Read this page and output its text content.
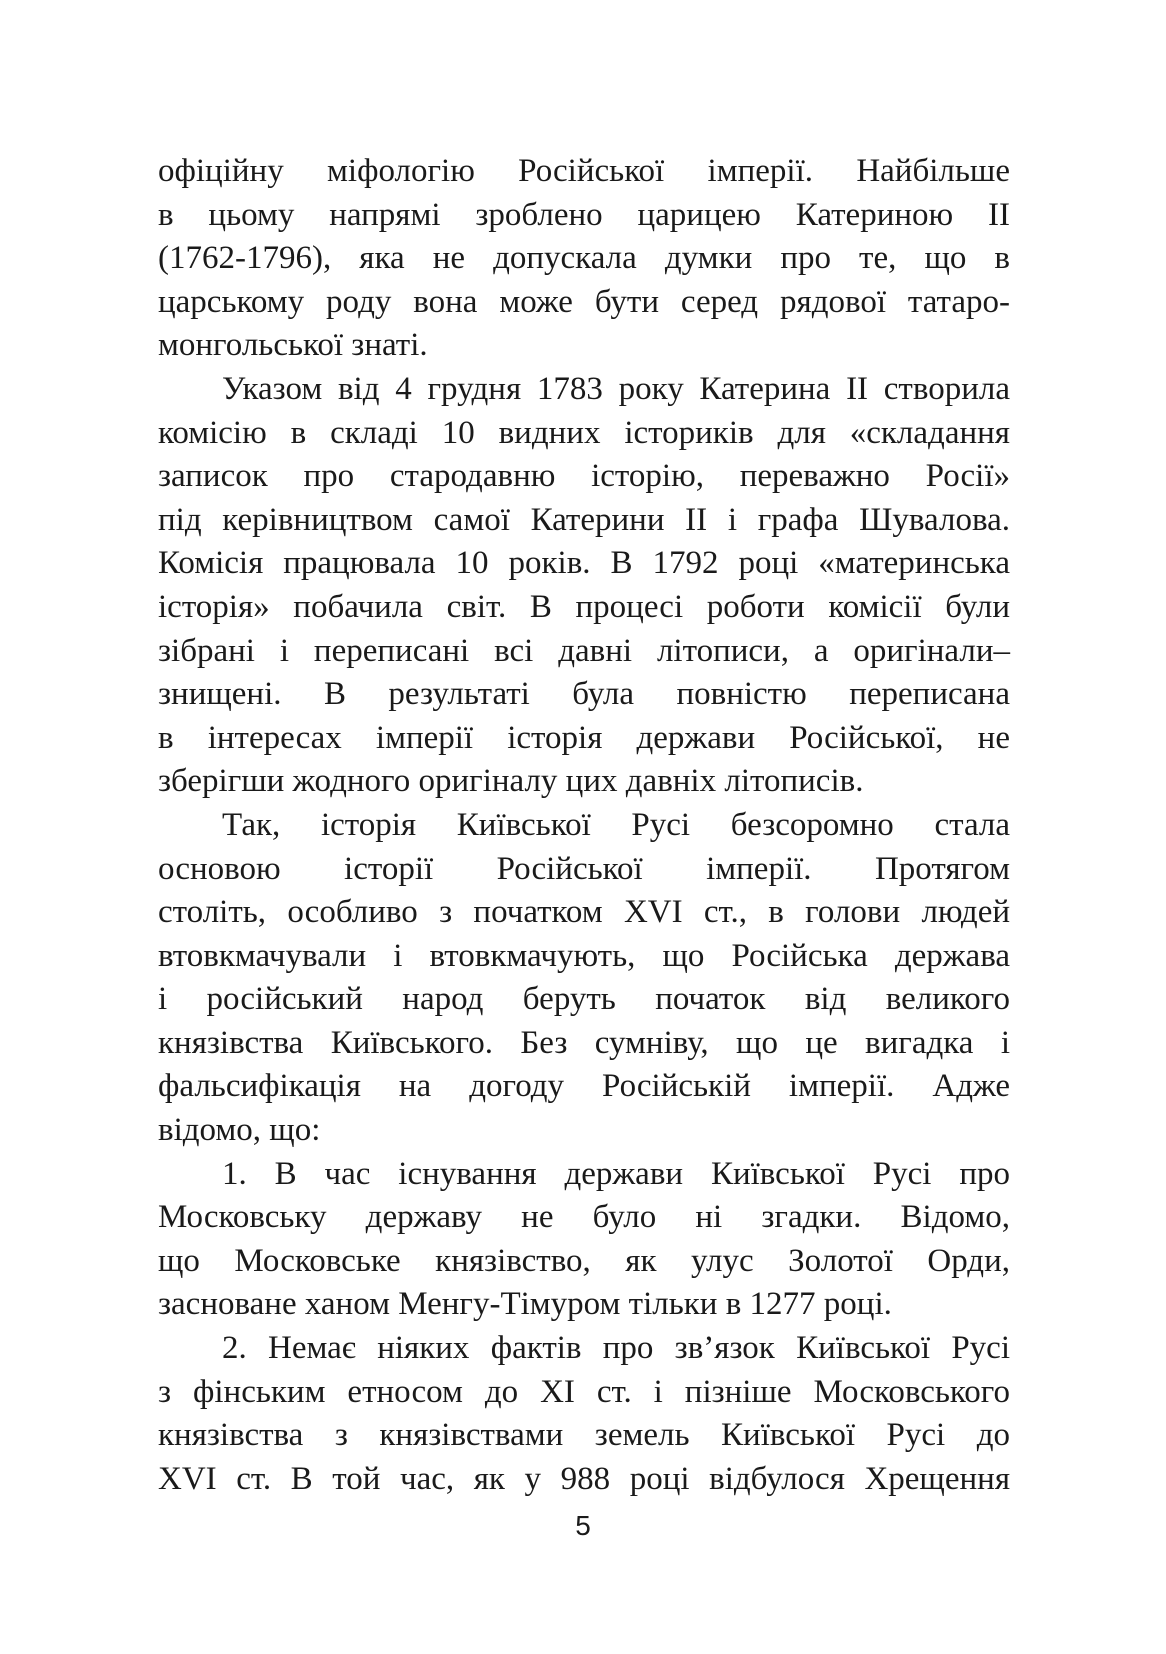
офіційну міфологію Російської імперії. Найбільше
в цьому напрямі зроблено царицею Катериною ІІ
(1762-1796), яка не допускала думки про те, що в
царському роду вона може бути серед рядової татаро-
монгольської знаті.

Указом від 4 грудня 1783 року Катерина ІІ створила
комісію в складі 10 видних істориків для «складання
записок про стародавню історію, переважно Росії»
під керівництвом самої Катерини ІІ і графа Шувалова.
Комісія працювала 10 років. В 1792 році «материнська
історія» побачила світ. В процесі роботи комісії були
зібрані і переписані всі давні літописи, а оригінали–
знищені. В результаті була повністю переписана
в інтересах імперії історія держави Російської, не
зберігши жодного оригіналу цих давніх літописів.

Так, історія Київської Русі безсоромно стала
основою історії Російської імперії. Протягом
століть, особливо з початком XVI ст., в голови людей
втовкмачували і втовкмачують, що Російська держава
і російський народ беруть початок від великого
князівства Київського. Без сумніву, що це вигадка і
фальсифікація на догоду Російській імперії. Адже
відомо, що:

1. В час існування держави Київської Русі про
Московську державу не було ні згадки. Відомо,
що Московське князівство, як улус Золотої Орди,
засноване ханом Менгу-Тімуром тільки в 1277 році.

2. Немає ніяких фактів про зв’язок Київської Русі
з фінським етносом до ХІ ст. і пізніше Московського
князівства з князівствами земель Київської Русі до
XVI ст. В той час, як у 988 році відбулося Хрещення

5
